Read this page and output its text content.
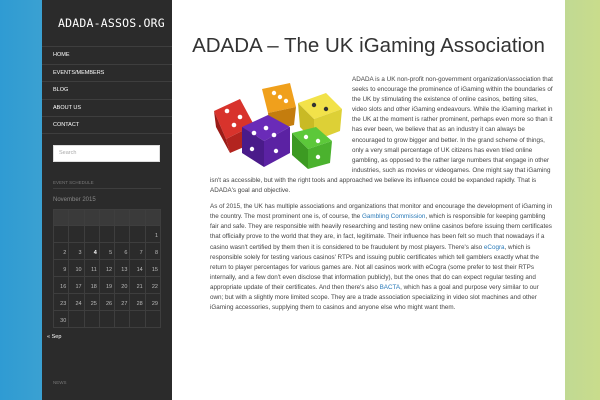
ADADA-ASSOS.ORG
HOME
EVENTS/MEMBERS
BLOG
ABOUT US
CONTACT
Search
EVENT SCHEDULE
November 2015

						1
2	3	4	5	6	7	8
9	10	11	12	13	14	15
16	17	18	19	20	21	22
23	24	25	26	27	28	29
30						
« Sep
NEWS
ADADA – The UK iGaming Association

ADADA is a UK non-profit non-government organization/association that seeks to encourage the prominence of iGaming within the boundaries of the UK by stimulating the existence of online casinos, betting sites, video slots and other iGaming endeavours. While the iGaming market in the UK at the moment is rather prominent, perhaps even more so than it has ever been, we believe that as an industry it can always be encouraged to grow bigger and better. In the grand scheme of things, only a very small percentage of UK citizens has even tried online gambling, as opposed to the rather large numbers that engage in other industries, such as movies or videogames. One might say that iGaming isn't as accessible, but with the right tools and approached we believe its influence could be expanded rapidly. That is ADADA's goal and objective.

As of 2015, the UK has multiple associations and organizations that monitor and encourage the development of iGaming in the country. The most prominent one is, of course, the Gambling Commission, which is responsible for keeping gambling fair and safe. They are responsible with heavily researching and testing new online casinos before issuing them certificates that officially prove to the world that they are, in fact, legitimate. Their influence has been felt so much that nowadays if a casino wasn't certified by them then it is considered to be fraudulent by most players. There's also eCogra, which is responsible solely for testing various casinos' RTPs and issuing public certificates which tell gamblers exactly what the return to player percentages for various games are. Not all casinos work with eCogra (some prefer to test their RTPs internally, and a few don't even disclose that information publicly), but the ones that do can expect regular testing and appropriate update of their certificates. And then there's also BACTA, which has a goal and purpose very similar to our own; but with a slightly more limited scope. They are a trade association specializing in video slot machines and other iGaming accessories, supplying them to casinos and anyone else who might want them.
